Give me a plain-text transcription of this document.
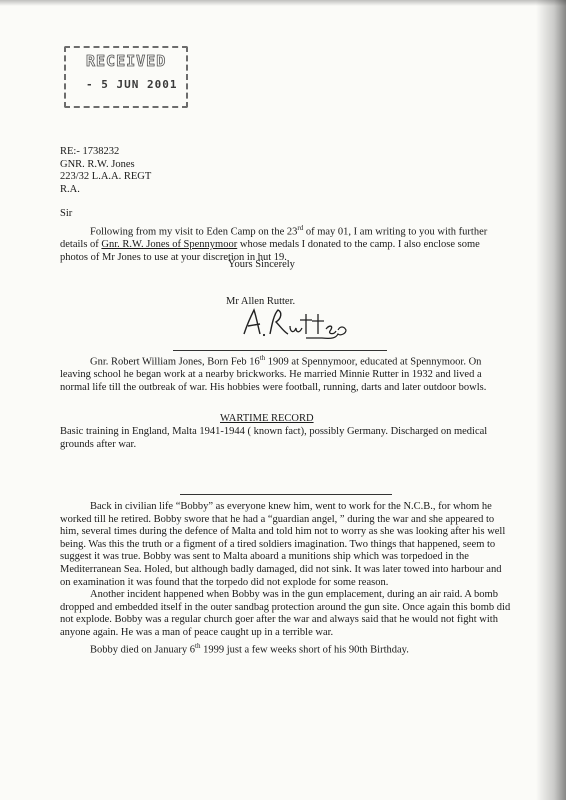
RECEIVED
- 5 JUN 2001
RE:- 1738232
GNR. R.W. Jones
223/32 L.A.A. REGT
R.A.
Sir
Following from my visit to Eden Camp on the 23rd of may 01, I am writing to you with further details of Gnr. R.W. Jones of Spennymoor whose medals I donated to the camp. I also enclose some photos of Mr Jones to use at your discretion in hut 19.
Yours Sincerely
Mr Allen Rutter.
Gnr. Robert William Jones, Born Feb 16th 1909 at Spennymoor, educated at Spennymoor. On leaving school he began work at a nearby brickworks. He married Minnie Rutter in 1932 and lived a normal life till the outbreak of war. His hobbies were football, running, darts and later outdoor bowls.
WARTIME RECORD
Basic training in England, Malta 1941-1944 ( known fact), possibly Germany. Discharged on medical grounds after war.
Back in civilian life “Bobby” as everyone knew him, went to work for the N.C.B., for whom he worked till he retired. Bobby swore that he had a “guardian angel, ” during the war and she appeared to him, several times during the defence of Malta and told him not to worry as she was looking after his well being. Was this the truth or a figment of a tired soldiers imagination. Two things that happened, seem to suggest it was true. Bobby was sent to Malta aboard a munitions ship which was torpedoed in the Mediterranean Sea. Holed, but although badly damaged, did not sink. It was later towed into harbour and on examination it was found that the torpedo did not explode for some reason.
Another incident happened when Bobby was in the gun emplacement, during an air raid. A bomb dropped and embedded itself in the outer sandbag protection around the gun site. Once again this bomb did not explode. Bobby was a regular church goer after the war and always said that he would not fight with anyone again. He was a man of peace caught up in a terrible war.
Bobby died on January 6th 1999 just a few weeks short of his 90th Birthday.
